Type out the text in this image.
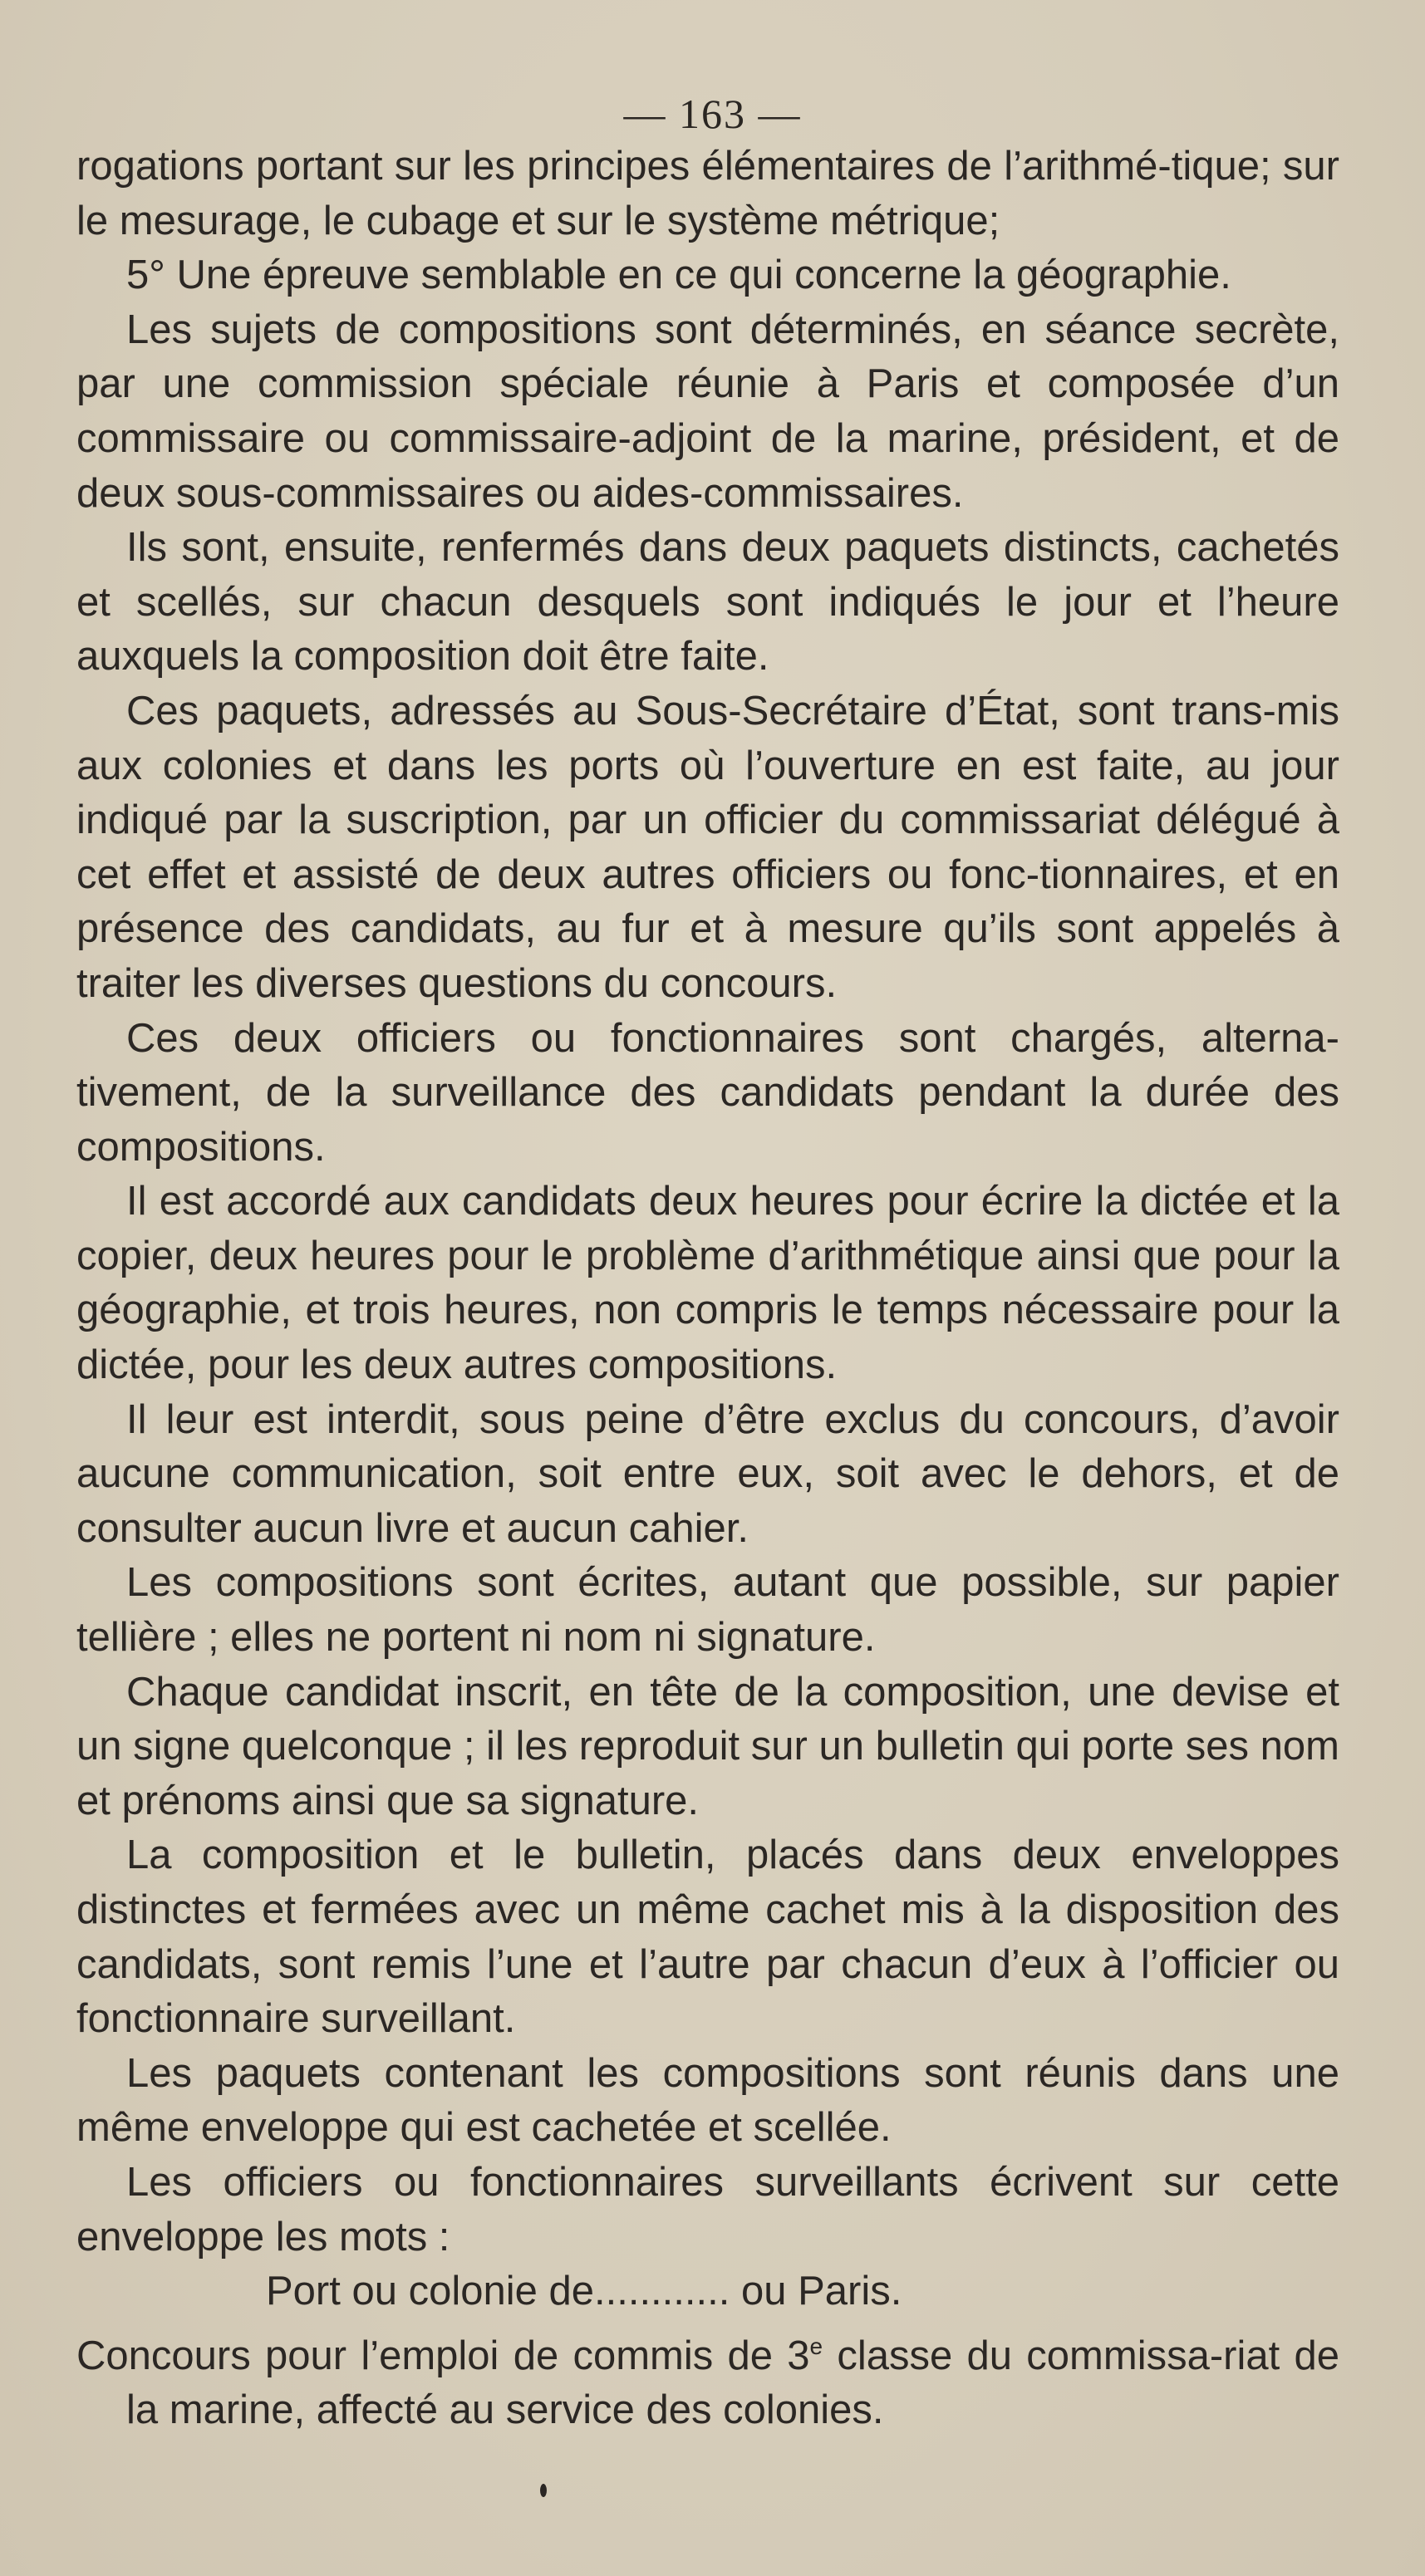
— 163 —

rogations portant sur les principes élémentaires de l’arithmé-tique; sur le mesurage, le cubage et sur le système métrique;

5° Une épreuve semblable en ce qui concerne la géographie.

Les sujets de compositions sont déterminés, en séance secrète, par une commission spéciale réunie à Paris et composée d’un commissaire ou commissaire-adjoint de la marine, président, et de deux sous-commissaires ou aides-commissaires.

Ils sont, ensuite, renfermés dans deux paquets distincts, cachetés et scellés, sur chacun desquels sont indiqués le jour et l’heure auxquels la composition doit être faite.

Ces paquets, adressés au Sous-Secrétaire d’État, sont trans-mis aux colonies et dans les ports où l’ouverture en est faite, au jour indiqué par la suscription, par un officier du commissariat délégué à cet effet et assisté de deux autres officiers ou fonc-tionnaires, et en présence des candidats, au fur et à mesure qu’ils sont appelés à traiter les diverses questions du concours.

Ces deux officiers ou fonctionnaires sont chargés, alterna-tivement, de la surveillance des candidats pendant la durée des compositions.

Il est accordé aux candidats deux heures pour écrire la dictée et la copier, deux heures pour le problème d’arithmétique ainsi que pour la géographie, et trois heures, non compris le temps nécessaire pour la dictée, pour les deux autres compositions.

Il leur est interdit, sous peine d’être exclus du concours, d’avoir aucune communication, soit entre eux, soit avec le dehors, et de consulter aucun livre et aucun cahier.

Les compositions sont écrites, autant que possible, sur papier tellière ; elles ne portent ni nom ni signature.

Chaque candidat inscrit, en tête de la composition, une devise et un signe quelconque ; il les reproduit sur un bulletin qui porte ses nom et prénoms ainsi que sa signature.

La composition et le bulletin, placés dans deux enveloppes distinctes et fermées avec un même cachet mis à la disposition des candidats, sont remis l’une et l’autre par chacun d’eux à l’officier ou fonctionnaire surveillant.

Les paquets contenant les compositions sont réunis dans une même enveloppe qui est cachetée et scellée.

Les officiers ou fonctionnaires surveillants écrivent sur cette enveloppe les mots :

Port ou colonie de............ ou Paris.

Concours pour l’emploi de commis de 3e classe du commissa-riat de la marine, affecté au service des colonies.
